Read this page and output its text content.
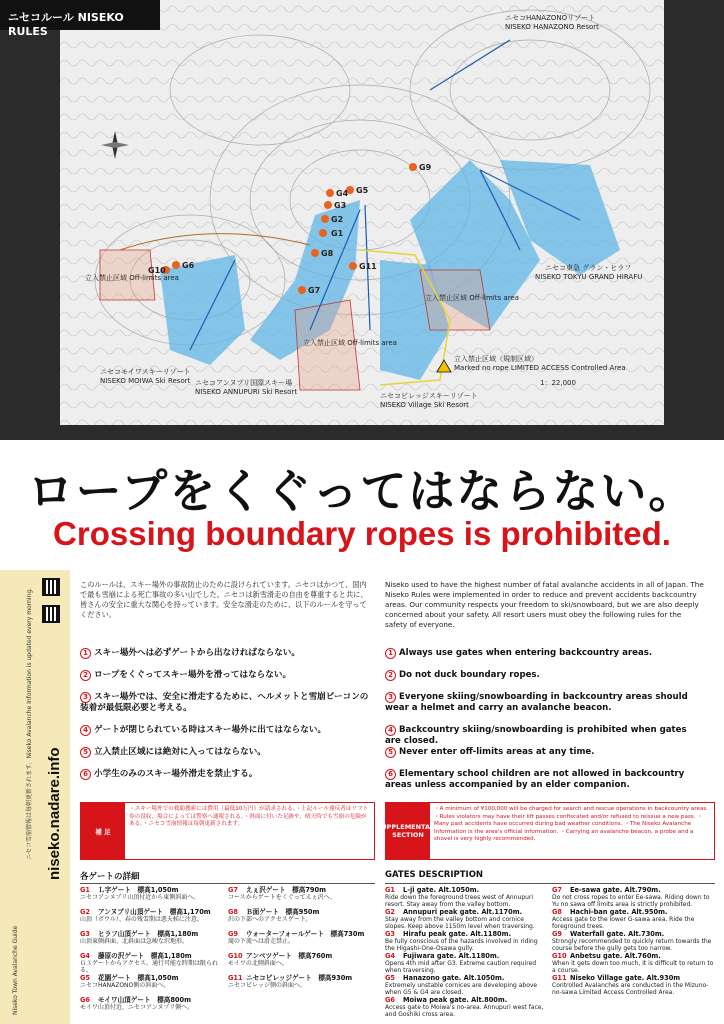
G1
G2
G3
G4 G5
G6
G7
G8
G9
G10	G11
ニセコHANAZONOリゾート
NISEKO HANAZONO Resort
ニセコ東急 グラン・ヒラフ
NISEKO TOKYU GRAND HIRAFU
ニセコアンヌプリ国際スキー場
NISEKO ANNUPURI Ski Resort
ニセコモイワスキーリゾート
NISEKO MOIWA Ski Resort
ニセコビレッジスキーリゾート
NISEKO Village Ski Resort
立入禁止区域 Off-limits area
立入禁止区域 Off-limits area
立入禁止区域 Off-limits area
立入禁止区域（規制区域）
Marked no rope LIMITED ACCESS Controlled Area
1：22,000
ニセコルール NISEKO RULES
ロープをくぐってはならない。
Crossing boundary ropes is prohibited.
niseko.nadare.info
Niseko Town Avalanche Guide
ニセコ雪崩情報は毎朝更新されます。Niseko Avalanche Information is updated every morning.
このルールは、スキー場外の事故防止のために設けられています。ニセコはかつて、国内で最も雪崩による死亡事故の多い山でした。ニセコは新雪滑走の自由を尊重すると共に、皆さんの安全に重大な関心を持っています。安全な滑走のために、以下のルールを守ってください。
1 スキー場外へは必ずゲートから出なければならない。
2 ロープをくぐってスキー場外を滑ってはならない。
3 スキー場外では、安全に滑走するために、ヘルメットと雪崩ビーコンの装着が最低限必要と考える。
4 ゲートが閉じられている時はスキー場外に出てはならない。
5 立入禁止区域には絶対に入ってはならない。
6 小学生のみのスキー場外滑走を禁止する。
Niseko used to have the highest number of fatal avalanche accidents in all of Japan. The Niseko Rules were implemented in order to reduce and prevent accidents backcountry areas. Our community respects your freedom to ski/snowboard, but we are also deeply concerned about your safety. All resort users must obey the following rules for the safety of everyone.
1 Always use gates when entering backcountry areas.
2 Do not duck boundary ropes.
3 Everyone skiing/snowboarding in backcountry areas should wear a helmet and carry an avalanche beacon.
4 Backcountry skiing/snowboarding is prohibited when gates are closed.
5 Never enter off-limits areas at any time.
6 Elementary school children are not allowed in backcountry areas unless accompanied by an elder companion.
補 足
・スキー場外での救助捜索には費用（最低10万円）が請求される。・上記ルール違反者はリフト券の没収、場合によっては警察へ通報される。・斜面に付いた足跡や、晴天時でも雪崩の危険がある。・ニセコ雪崩情報は毎朝更新されます。	SUPPLEMENTARY SECTION
・A minimum of ¥100,000 will be charged for search and rescue operations in backcountry areas. ・Rules violators may have their lift passes confiscated and/or refused to reissue a new pass. ・Many past accidents have occurred during bad weather conditions. ・The Niseko Avalanche Information is the area's official information. ・Carrying an avalanche beacon, a probe and a shovel is very highly recommended.
各ゲートの詳細	GATES DESCRIPTION
G1 Ｌ字ゲート　標高1,050m
ニセコアンヌプリ山頂付近から東側斜面へ。
G2 アンヌプリ山頂ゲート　標高1,170m
山頂（ボウル）、春の残雪期は悪天候に注意。
G3 ヒラフ山頂ゲート　標高1,180m
山頂東側斜面、北斜面は急峻な沢地形。
G4 藤原の沢ゲート　標高1,180m
Ｇ３ゲートからアクセス。通行可能な時期は限られる。
G5 花園ゲート　標高1,050m
ニセコHANAZONO側の斜面へ。
G6 モイワ山頂ゲート　標高800m
モイワ山頂付近、ニセコアンヌプリ側へ。
G7 えぇ沢ゲート　標高790m
コースからゲートをくぐってえぇ沢へ。
G8 Ｂ面ゲート　標高950m
沢の下部へのアクセスゲート。
G9 ウォーターフォールゲート　標高730m
滝の下流へは滑走禁止。
G10 アンベツゲート　標高760m
モイワの北側斜面へ。
G11 ニセコビレッジゲート　標高930m
ニセコビレッジ側の斜面へ。
G1 L-ji gate. Alt.1050m.
Ride down the foreground trees west of Annupuri resort. Stay away from the valley bottom.
G2 Annupuri peak gate. Alt.1170m.
Stay away from the valley bottom and cornice slopes. Keep above 1150m level when traversing.
G3 Hirafu peak gate. Alt.1180m.
Be fully conscious of the hazards involved in riding the Higashi-One-Osawa gully.
G4 Fujiwara gate. Alt.1180m.
Opens 4th mid after G3. Extreme caution required when traversing.
G5 Hanazono gate. Alt.1050m.
Extremely unstable cornices are developing above when G5 & G4 are closed.
G6 Moiwa peak gate. Alt.800m.
Access gate to Moiwa's no-area. Annupuri west face, and Goshiki cross area.
G7 Ee-sawa gate. Alt.790m.
Do not cross ropes to enter Ee-sawa. Riding down to Yu no sawa off limits area is strictly prohibited.
G8 Hachi-ban gate. Alt.950m.
Access gate to the lower G-sawa area. Ride the foreground trees.
G9 Waterfall gate. Alt.730m.
Strongly recommended to quickly return towards the course before the gully gets too narrow.
G10 Anbetsu gate. Alt.760m.
When it gets down too much, it is difficult to return to a course.
G11 Niseko Village gate. Alt.930m
Controlled Avalanches are conducted in the Mizuno-no-sawa Limited Access Controlled Area.
